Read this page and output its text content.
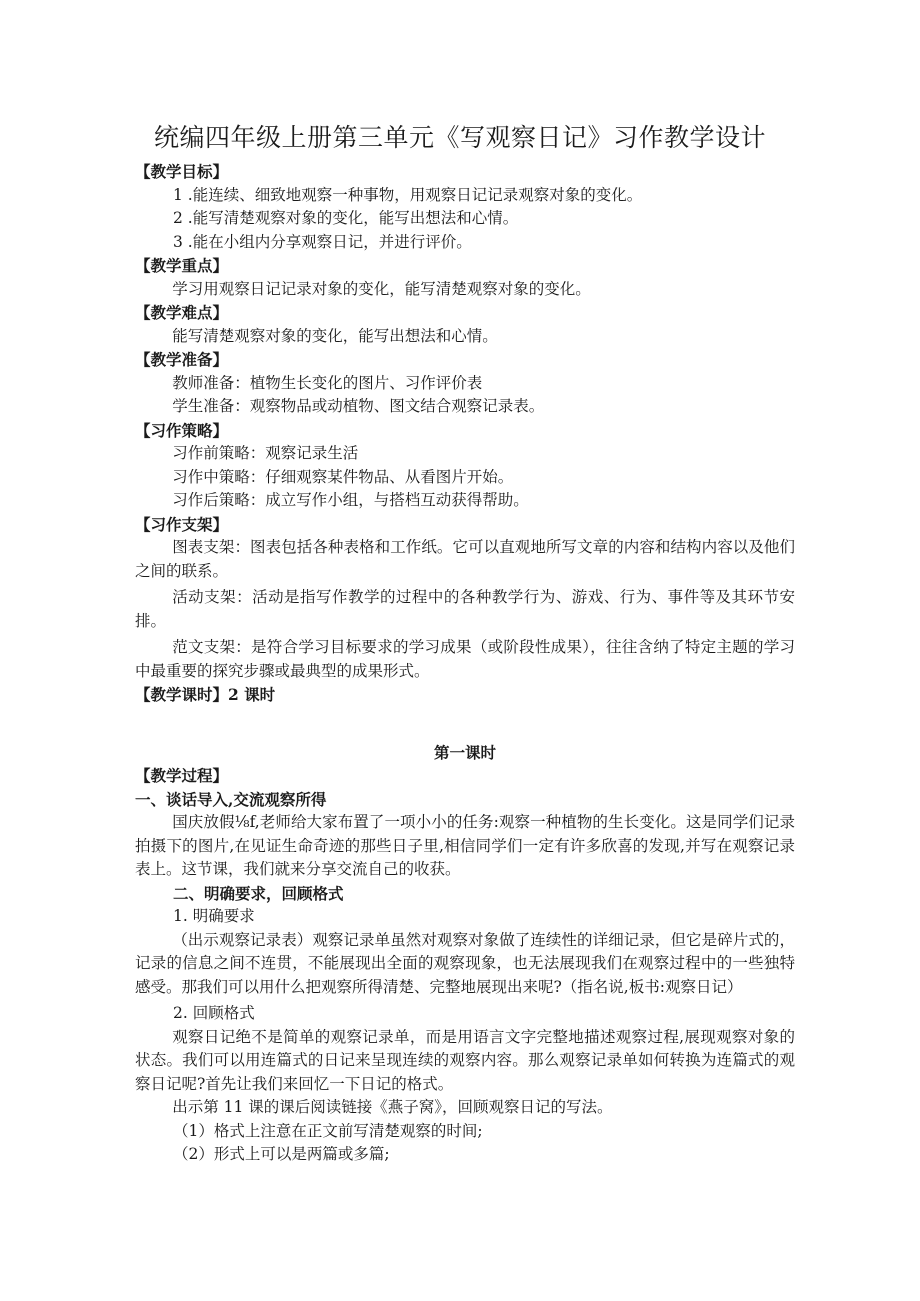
统编四年级上册第三单元《写观察日记》习作教学设计

【教学目标】

1 .能连续、细致地观察一种事物，用观察日记记录观察对象的变化。

2 .能写清楚观察对象的变化，能写出想法和心情。

3 .能在小组内分享观察日记，并进行评价。

【教学重点】

学习用观察日记记录对象的变化，能写清楚观察对象的变化。

【教学难点】

能写清楚观察对象的变化，能写出想法和心情。

【教学准备】

教师准备：植物生长变化的图片、习作评价表

学生准备：观察物品或动植物、图文结合观察记录表。

【习作策略】

习作前策略：观察记录生活

习作中策略：仔细观察某件物品、从看图片开始。

习作后策略：成立写作小组，与搭档互动获得帮助。

【习作支架】

图表支架：图表包括各种表格和工作纸。它可以直观地所写文章的内容和结构内容以及他们之间的联系。

活动支架：活动是指写作教学的过程中的各种教学行为、游戏、行为、事件等及其环节安排。

范文支架：是符合学习目标要求的学习成果（或阶段性成果），往往含纳了特定主题的学习中最重要的探究步骤或最典型的成果形式。

【教学课时】2 课时

第一课时

【教学过程】

一、谈话导入,交流观察所得

国庆放假⅛f,老师给大家布置了一项小小的任务:观察一种植物的生长变化。这是同学们记录拍摄下的图片,在见证生命奇迹的那些日子里,相信同学们一定有许多欣喜的发现,并写在观察记录表上。这节课，我们就来分享交流自己的收获。

二、明确要求，回顾格式

1. 明确要求

（出示观察记录表）观察记录单虽然对观察对象做了连续性的详细记录，但它是碎片式的，记录的信息之间不连贯，不能展现出全面的观察现象，也无法展现我们在观察过程中的一些独特感受。那我们可以用什么把观察所得清楚、完整地展现出来呢?（指名说,板书:观察日记）

2. 回顾格式

观察日记绝不是简单的观察记录单，而是用语言文字完整地描述观察过程,展现观察对象的状态。我们可以用连篇式的日记来呈现连续的观察内容。那么观察记录单如何转换为连篇式的观察日记呢?首先让我们来回忆一下日记的格式。

出示第 11 课的课后阅读链接《燕子窝》，回顾观察日记的写法。

（1）格式上注意在正文前写清楚观察的时间;

（2）形式上可以是两篇或多篇;
